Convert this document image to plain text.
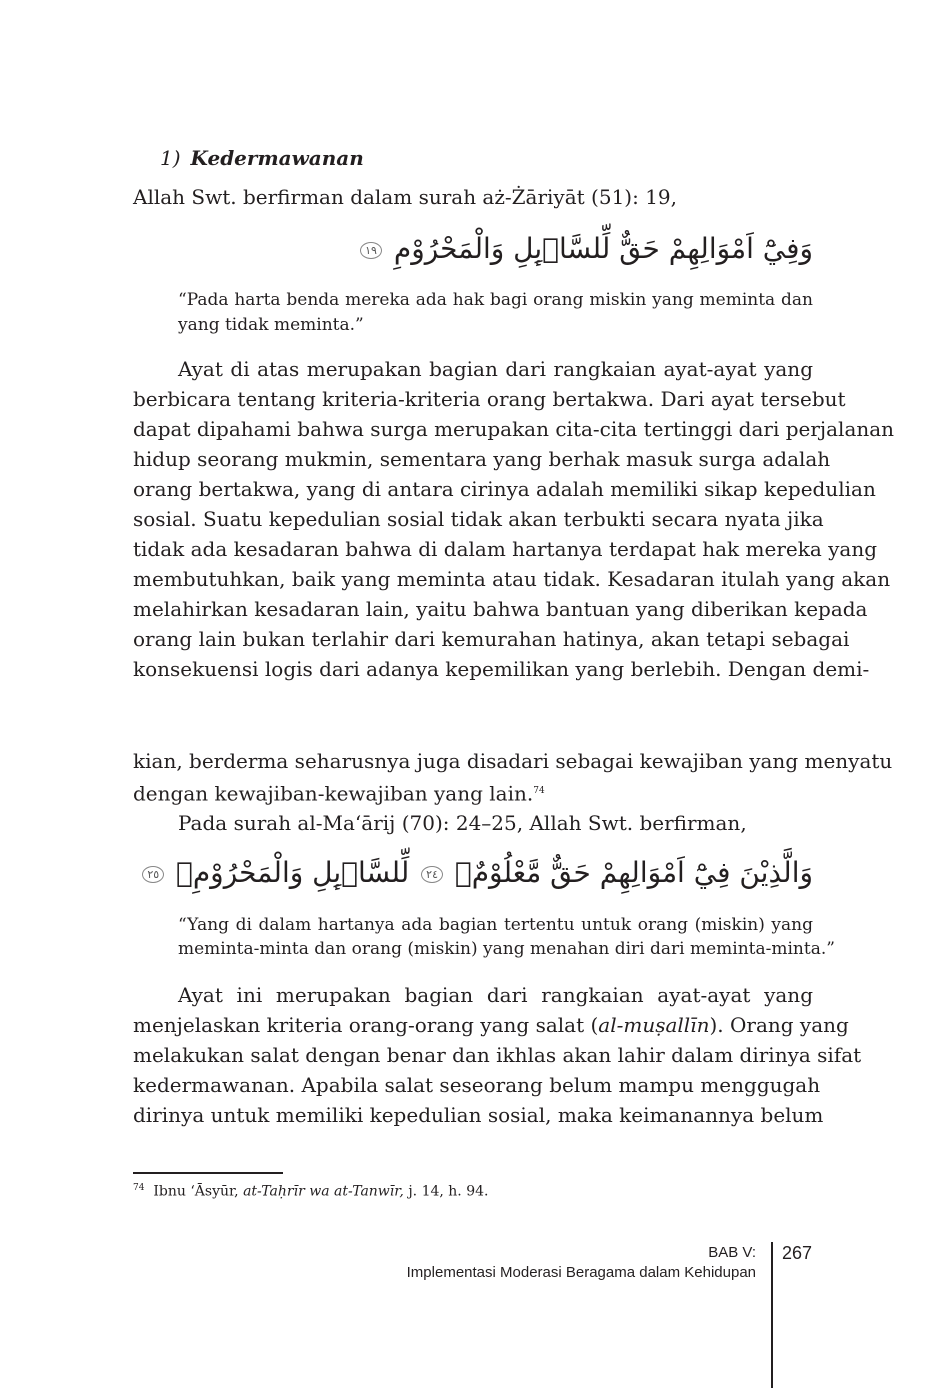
1) Kedermawanan
Allah Swt. berfirman dalam surah aż-Żāriyāt (51): 19,
وَفِيْٓ اَمْوَالِهِمْ حَقٌّ لِّلسَّاۤىِٕلِ وَالْمَحْرُوْمِ ١٩
“Pada harta benda mereka ada hak bagi orang miskin yang meminta dan
yang tidak meminta.”
Ayat di atas merupakan bagian dari rangkaian ayat-ayat yang
berbicara tentang kriteria-kriteria orang bertakwa. Dari ayat tersebut
dapat dipahami bahwa surga merupakan cita-cita tertinggi dari perjalanan
hidup seorang mukmin, sementara yang berhak masuk surga adalah
orang bertakwa, yang di antara cirinya adalah memiliki sikap kepedulian
sosial. Suatu kepedulian sosial tidak akan terbukti secara nyata jika
tidak ada kesadaran bahwa di dalam hartanya terdapat hak mereka yang
membutuhkan, baik yang meminta atau tidak. Kesadaran itulah yang akan
melahirkan kesadaran lain, yaitu bahwa bantuan yang diberikan kepada
orang lain bukan terlahir dari kemurahan hatinya, akan tetapi sebagai
konsekuensi logis dari adanya kepemilikan yang berlebih. Dengan demi-
kian, berderma seharusnya juga disadari sebagai kewajiban yang menyatu
dengan kewajiban-kewajiban yang lain.$^{74}$
Pada surah al-Ma‘ārij (70): 24–25, Allah Swt. berfirman,
وَالَّذِيْنَ فِيْٓ اَمْوَالِهِمْ حَقٌّ مَّعْلُوْمٌۖ ٢٤ لِّلسَّاۤىِٕلِ وَالْمَحْرُوْمِۖ ٢٥
“Yang di dalam hartanya ada bagian tertentu untuk orang (miskin) yang
meminta-minta dan orang (miskin) yang menahan diri dari meminta-minta.”
Ayat ini merupakan bagian dari rangkaian ayat-ayat yang
menjelaskan kriteria orang-orang yang salat (al-muṣallīn). Orang yang
melakukan salat dengan benar dan ikhlas akan lahir dalam dirinya sifat
kedermawanan. Apabila salat seseorang belum mampu menggugah
dirinya untuk memiliki kepedulian sosial, maka keimanannya belum
$^{74}$ Ibnu ‘Āsyūr, at-Taḥrīr wa at-Tanwīr, j. 14, h. 94.
BAB V:
Implementasi Moderasi Beragama dalam Kehidupan
267
